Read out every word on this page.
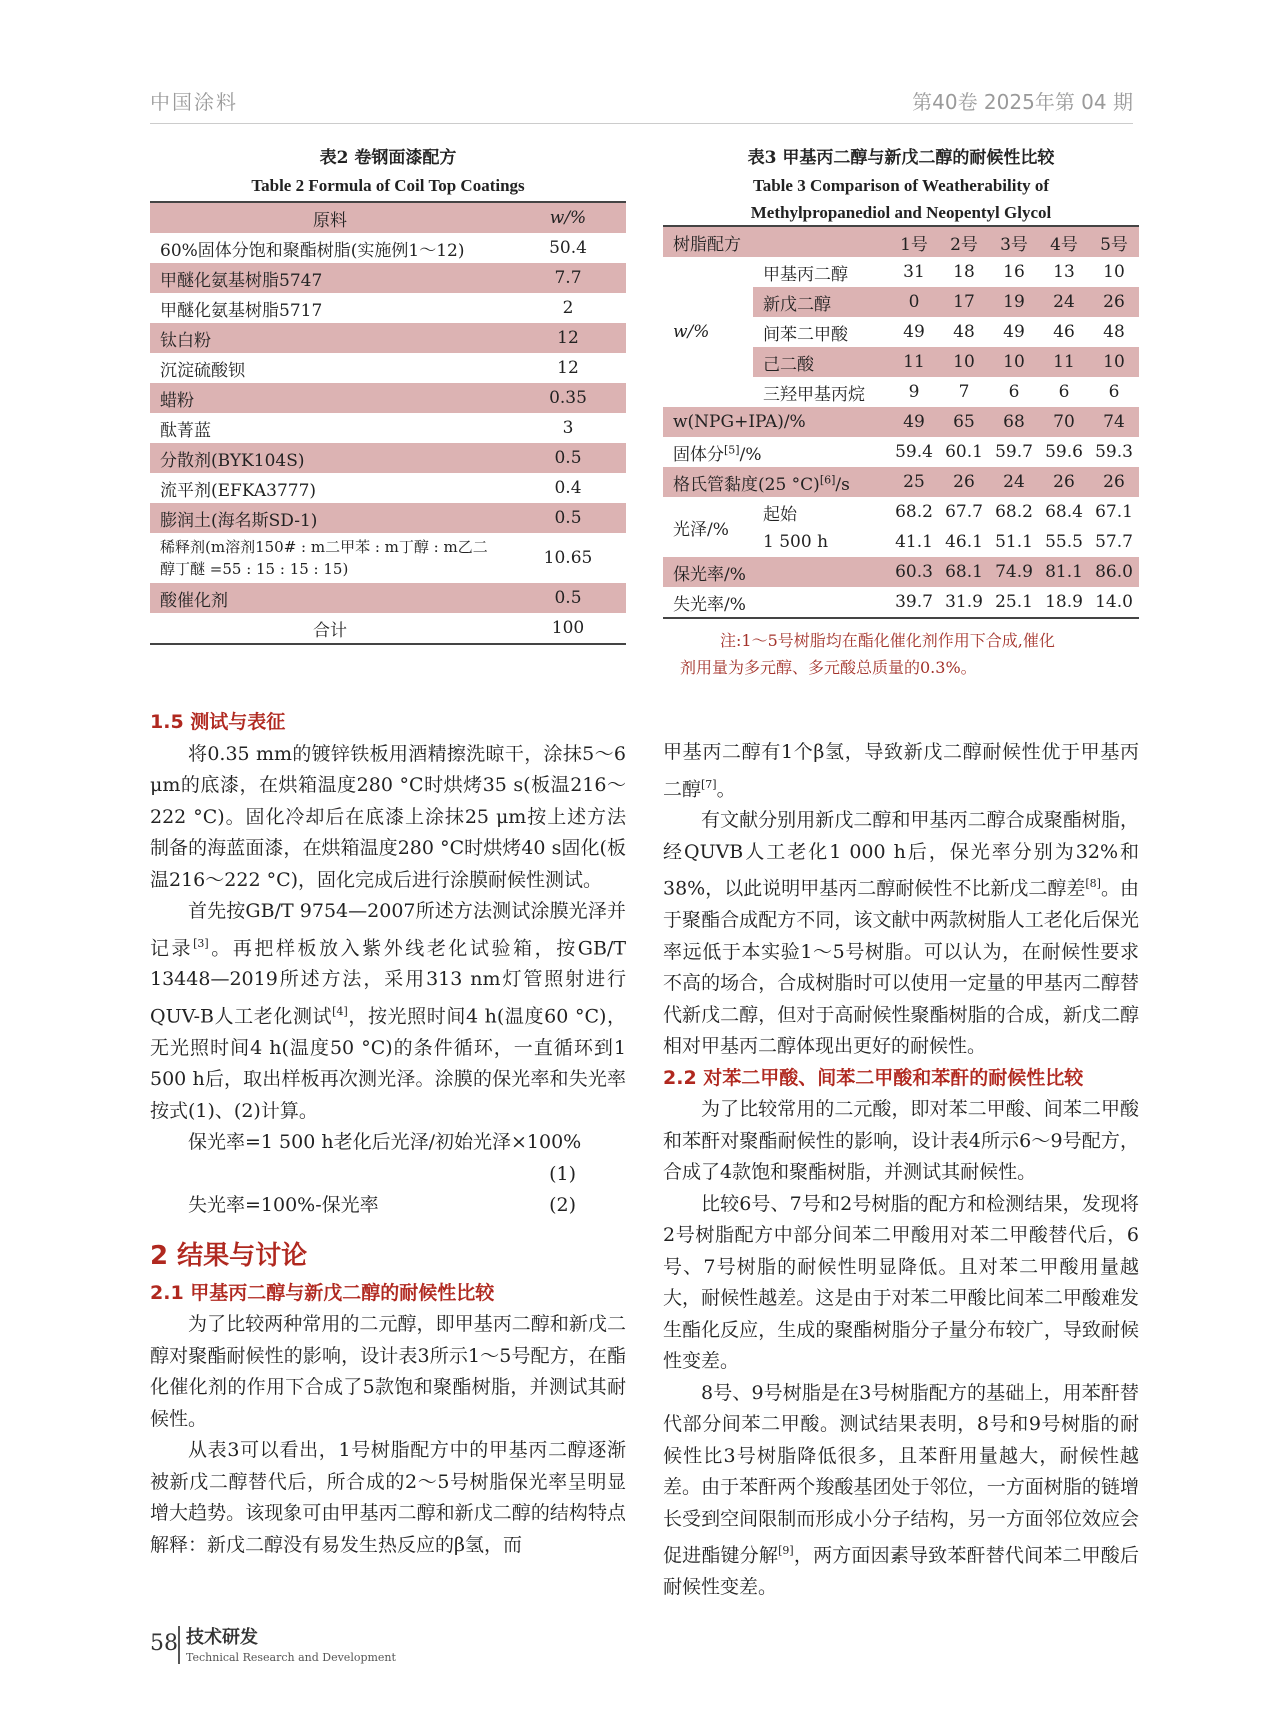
中国涂料	第40卷 2025年第 04 期
表2 卷钢面漆配方
Table 2 Formula of Coil Top Coatings
原料	w/%
60%固体分饱和聚酯树脂(实施例1～12)	50.4
甲醚化氨基树脂5747	7.7
甲醚化氨基树脂5717	2
钛白粉	12
沉淀硫酸钡	12
蜡粉	0.35
酞菁蓝	3
分散剂(BYK104S)	0.5
流平剂(EFKA3777)	0.4
膨润土(海名斯SD-1)	0.5
稀释剂(m溶剂150# : m二甲苯 : m丁醇 : m乙二醇丁醚 =55 : 15 : 15 : 15)	10.65
酸催化剂	0.5
合计	100
表3 甲基丙二醇与新戊二醇的耐候性比较
Table 3 Comparison of Weatherability of
Methylpropanediol and Neopentyl Glycol
树脂配方		1号	2号	3号	4号	5号
w/%	甲基丙二醇	31	18	16	13	10
	新戊二醇	0	17	19	24	26
	间苯二甲酸	49	48	49	46	48
	己二酸	11	10	10	11	10
	三羟甲基丙烷	9	7	6	6	6
w(NPG+IPA)/%		49	65	68	70	74
固体分[5]/%		59.4	60.1	59.7	59.6	59.3
格氏管黏度(25 °C)[6]/s		25	26	24	26	26
光泽/%	起始	68.2	67.7	68.2	68.4	67.1
	1 500 h	41.1	46.1	51.1	55.5	57.7
保光率/%		60.3	68.1	74.9	81.1	86.0
失光率/%		39.7	31.9	25.1	18.9	14.0
注:1～5号树脂均在酯化催化剂作用下合成,催化
剂用量为多元醇、多元酸总质量的0.3%。

1.5 测试与表征

将0.35 mm的镀锌铁板用酒精擦洗晾干，涂抹5～6 μm的底漆，在烘箱温度280 °C时烘烤35 s(板温216～222 °C)。固化冷却后在底漆上涂抹25 μm按上述方法制备的海蓝面漆，在烘箱温度280 °C时烘烤40 s固化(板温216～222 °C)，固化完成后进行涂膜耐候性测试。

首先按GB/T 9754—2007所述方法测试涂膜光泽并记录[3]。再把样板放入紫外线老化试验箱，按GB/T 13448—2019所述方法，采用313 nm灯管照射进行QUV-B人工老化测试[4]，按光照时间4 h(温度60 °C)，无光照时间4 h(温度50 °C)的条件循环，一直循环到1 500 h后，取出样板再次测光泽。涂膜的保光率和失光率按式(1)、(2)计算。

保光率=1 500 h老化后光泽/初始光泽×100%

(1)

失光率=100%-保光率	(2)

2 结果与讨论

2.1 甲基丙二醇与新戊二醇的耐候性比较

为了比较两种常用的二元醇，即甲基丙二醇和新戊二醇对聚酯耐候性的影响，设计表3所示1～5号配方，在酯化催化剂的作用下合成了5款饱和聚酯树脂，并测试其耐候性。

从表3可以看出，1号树脂配方中的甲基丙二醇逐渐被新戊二醇替代后，所合成的2～5号树脂保光率呈明显增大趋势。该现象可由甲基丙二醇和新戊二醇的结构特点解释：新戊二醇没有易发生热反应的β氢，而

甲基丙二醇有1个β氢，导致新戊二醇耐候性优于甲基丙二醇[7]。

有文献分别用新戊二醇和甲基丙二醇合成聚酯树脂，经QUVB人工老化1 000 h后，保光率分别为32%和38%，以此说明甲基丙二醇耐候性不比新戊二醇差[8]。由于聚酯合成配方不同，该文献中两款树脂人工老化后保光率远低于本实验1～5号树脂。可以认为，在耐候性要求不高的场合，合成树脂时可以使用一定量的甲基丙二醇替代新戊二醇，但对于高耐候性聚酯树脂的合成，新戊二醇相对甲基丙二醇体现出更好的耐候性。

2.2 对苯二甲酸、间苯二甲酸和苯酐的耐候性比较

为了比较常用的二元酸，即对苯二甲酸、间苯二甲酸和苯酐对聚酯耐候性的影响，设计表4所示6～9号配方，合成了4款饱和聚酯树脂，并测试其耐候性。

比较6号、7号和2号树脂的配方和检测结果，发现将2号树脂配方中部分间苯二甲酸用对苯二甲酸替代后，6号、7号树脂的耐候性明显降低。且对苯二甲酸用量越大，耐候性越差。这是由于对苯二甲酸比间苯二甲酸难发生酯化反应，生成的聚酯树脂分子量分布较广，导致耐候性变差。

8号、9号树脂是在3号树脂配方的基础上，用苯酐替代部分间苯二甲酸。测试结果表明，8号和9号树脂的耐候性比3号树脂降低很多，且苯酐用量越大，耐候性越差。由于苯酐两个羧酸基团处于邻位，一方面树脂的链增长受到空间限制而形成小分子结构，另一方面邻位效应会促进酯键分解[9]，两方面因素导致苯酐替代间苯二甲酸后耐候性变差。

58 技术研发
Technical Research and Development
